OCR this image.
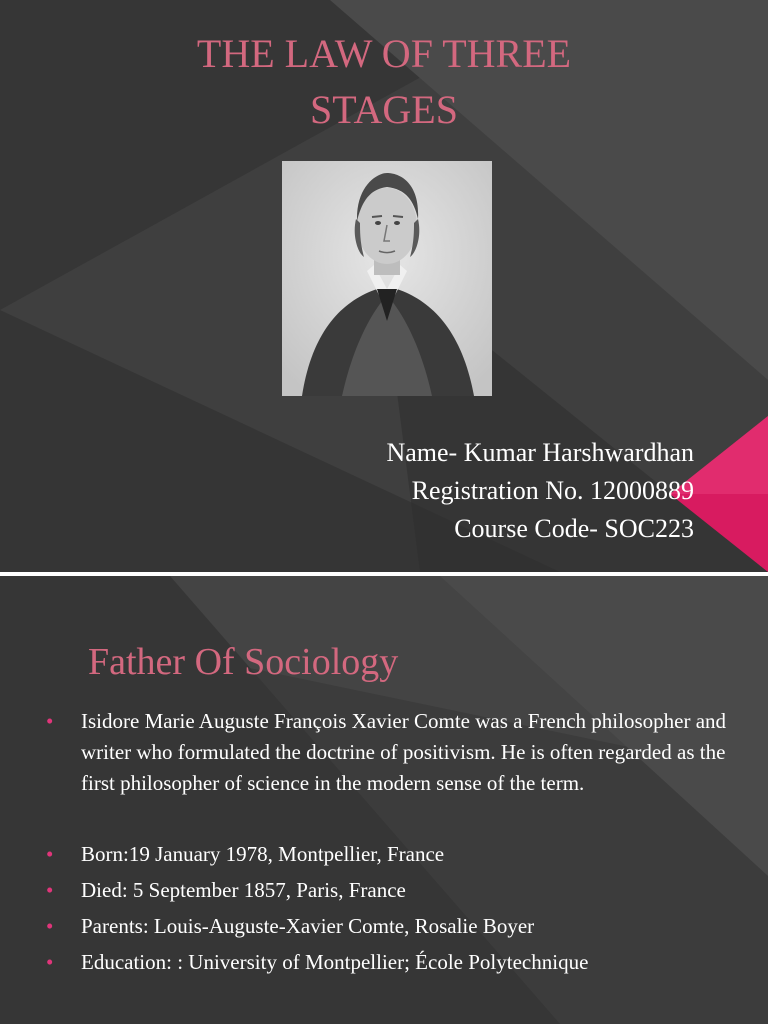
THE LAW OF THREE
STAGES
Name- Kumar Harshwardhan
Registration No. 12000889
Course Code- SOC223
Father Of Sociology
• Isidore Marie Auguste François Xavier Comte was a French philosopher and writer who formulated the doctrine of positivism. He is often regarded as the first philosopher of science in the modern sense of the term.
• Born:19 January 1978, Montpellier, France
• Died: 5 September 1857, Paris, France
• Parents: Louis-Auguste-Xavier Comte, Rosalie Boyer
• Education: : University of Montpellier; École Polytechnique
